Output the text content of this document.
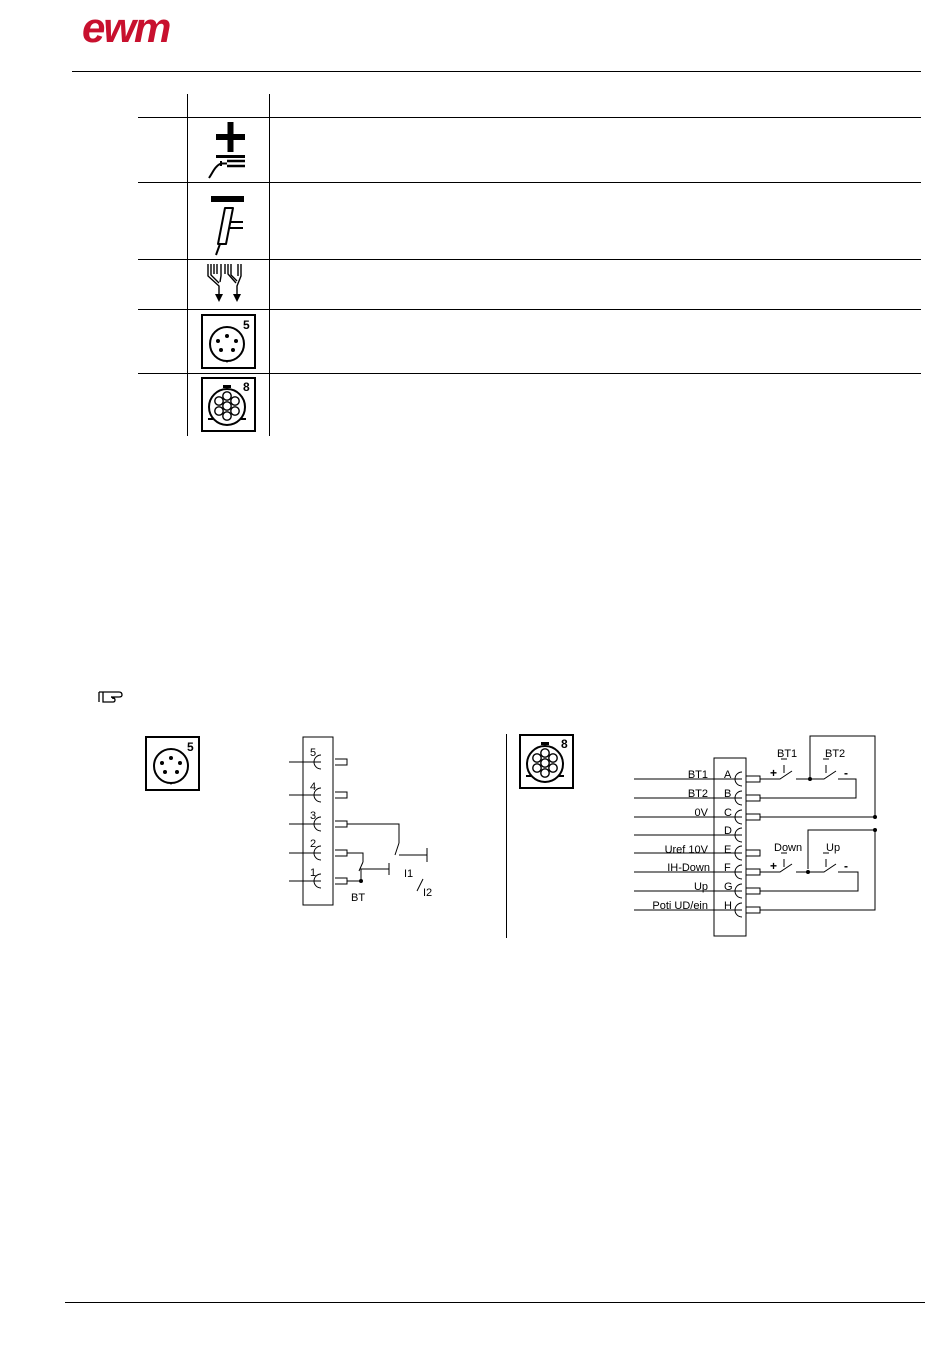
ewm
5
8
5	5
4
3
2
1
BT
I1
I2
8
BT1
BT2
0V
Uref 10V
IH-Down
Up
Poti UD/ein
A
B
C
D
E
F
G
H
BT1	BT2
Down Up
+	-
+	-
